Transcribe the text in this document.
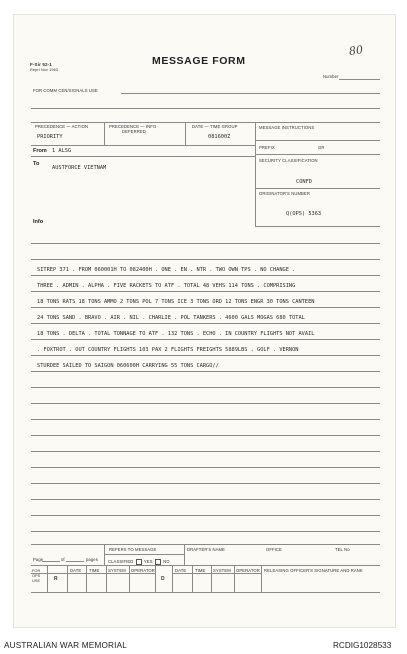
F-Sir 52-1
Reprt Nov 1963
MESSAGE FORM
80
Number
FOR COMM CEN/SIGNALS USE
PRECEDENCE — ACTION
PRIORITY
PRECEDENCE — INFO
DEFERRED
DATE — TIME GROUP
081600Z
MESSAGE INSTRUCTIONS
PREFIX	GR
From 1 ALSG
To
AUSTFORCE VIETNAM
Info
SECURITY CLASSIFICATION
CONFD
ORIGINATOR'S NUMBER
Q(OPS) 5363
SITREP 371 . FROM 060001H TO 082400H . ONE . EN . NTR . TWO OWN TPS . NO CHANGE .
THREE . ADMIN . ALPHA . FIVE RACKETS TO ATF . TOTAL 48 VEHS 114 TONS . COMPRISING
18 TONS RATS 18 TONS AMMO 2 TONS POL 7 TONS ICE 3 TONS ORD 12 TONS ENGR 30 TONS CANTEEN
24 TONS SAND . BRAVO . AIR . NIL . CHARLIE . POL TANKERS . 4600 GALS MOGAS 680 TOTAL
18 TONS . DELTA . TOTAL TONNAGE TO ATF . 132 TONS . ECHO . IN COUNTRY FLIGHTS NOT AVAIL
. FOXTROT . OUT COUNTRY FLIGHTS 103 PAX 2 FLIGHTS FREIGHTS 5889LBS . GOLF . VERNON
STURDEE SAILED TO SAIGON 060600H CARRYING 55 TONS CARGO//
Page	of	pages
REFERS TO MESSAGE
CLASSIFIED YES	NO
DRAFTER'S NAME	OFFICE	TEL No
FOR OPS USE	R
DATE TIME SYSTEM OPERATOR
D
DATE TIME SYSTEM OPERATOR RELEASING OFFICER'S SIGNATURE AND RANK
AUSTRALIAN WAR MEMORIAL	RCDIG1028533
